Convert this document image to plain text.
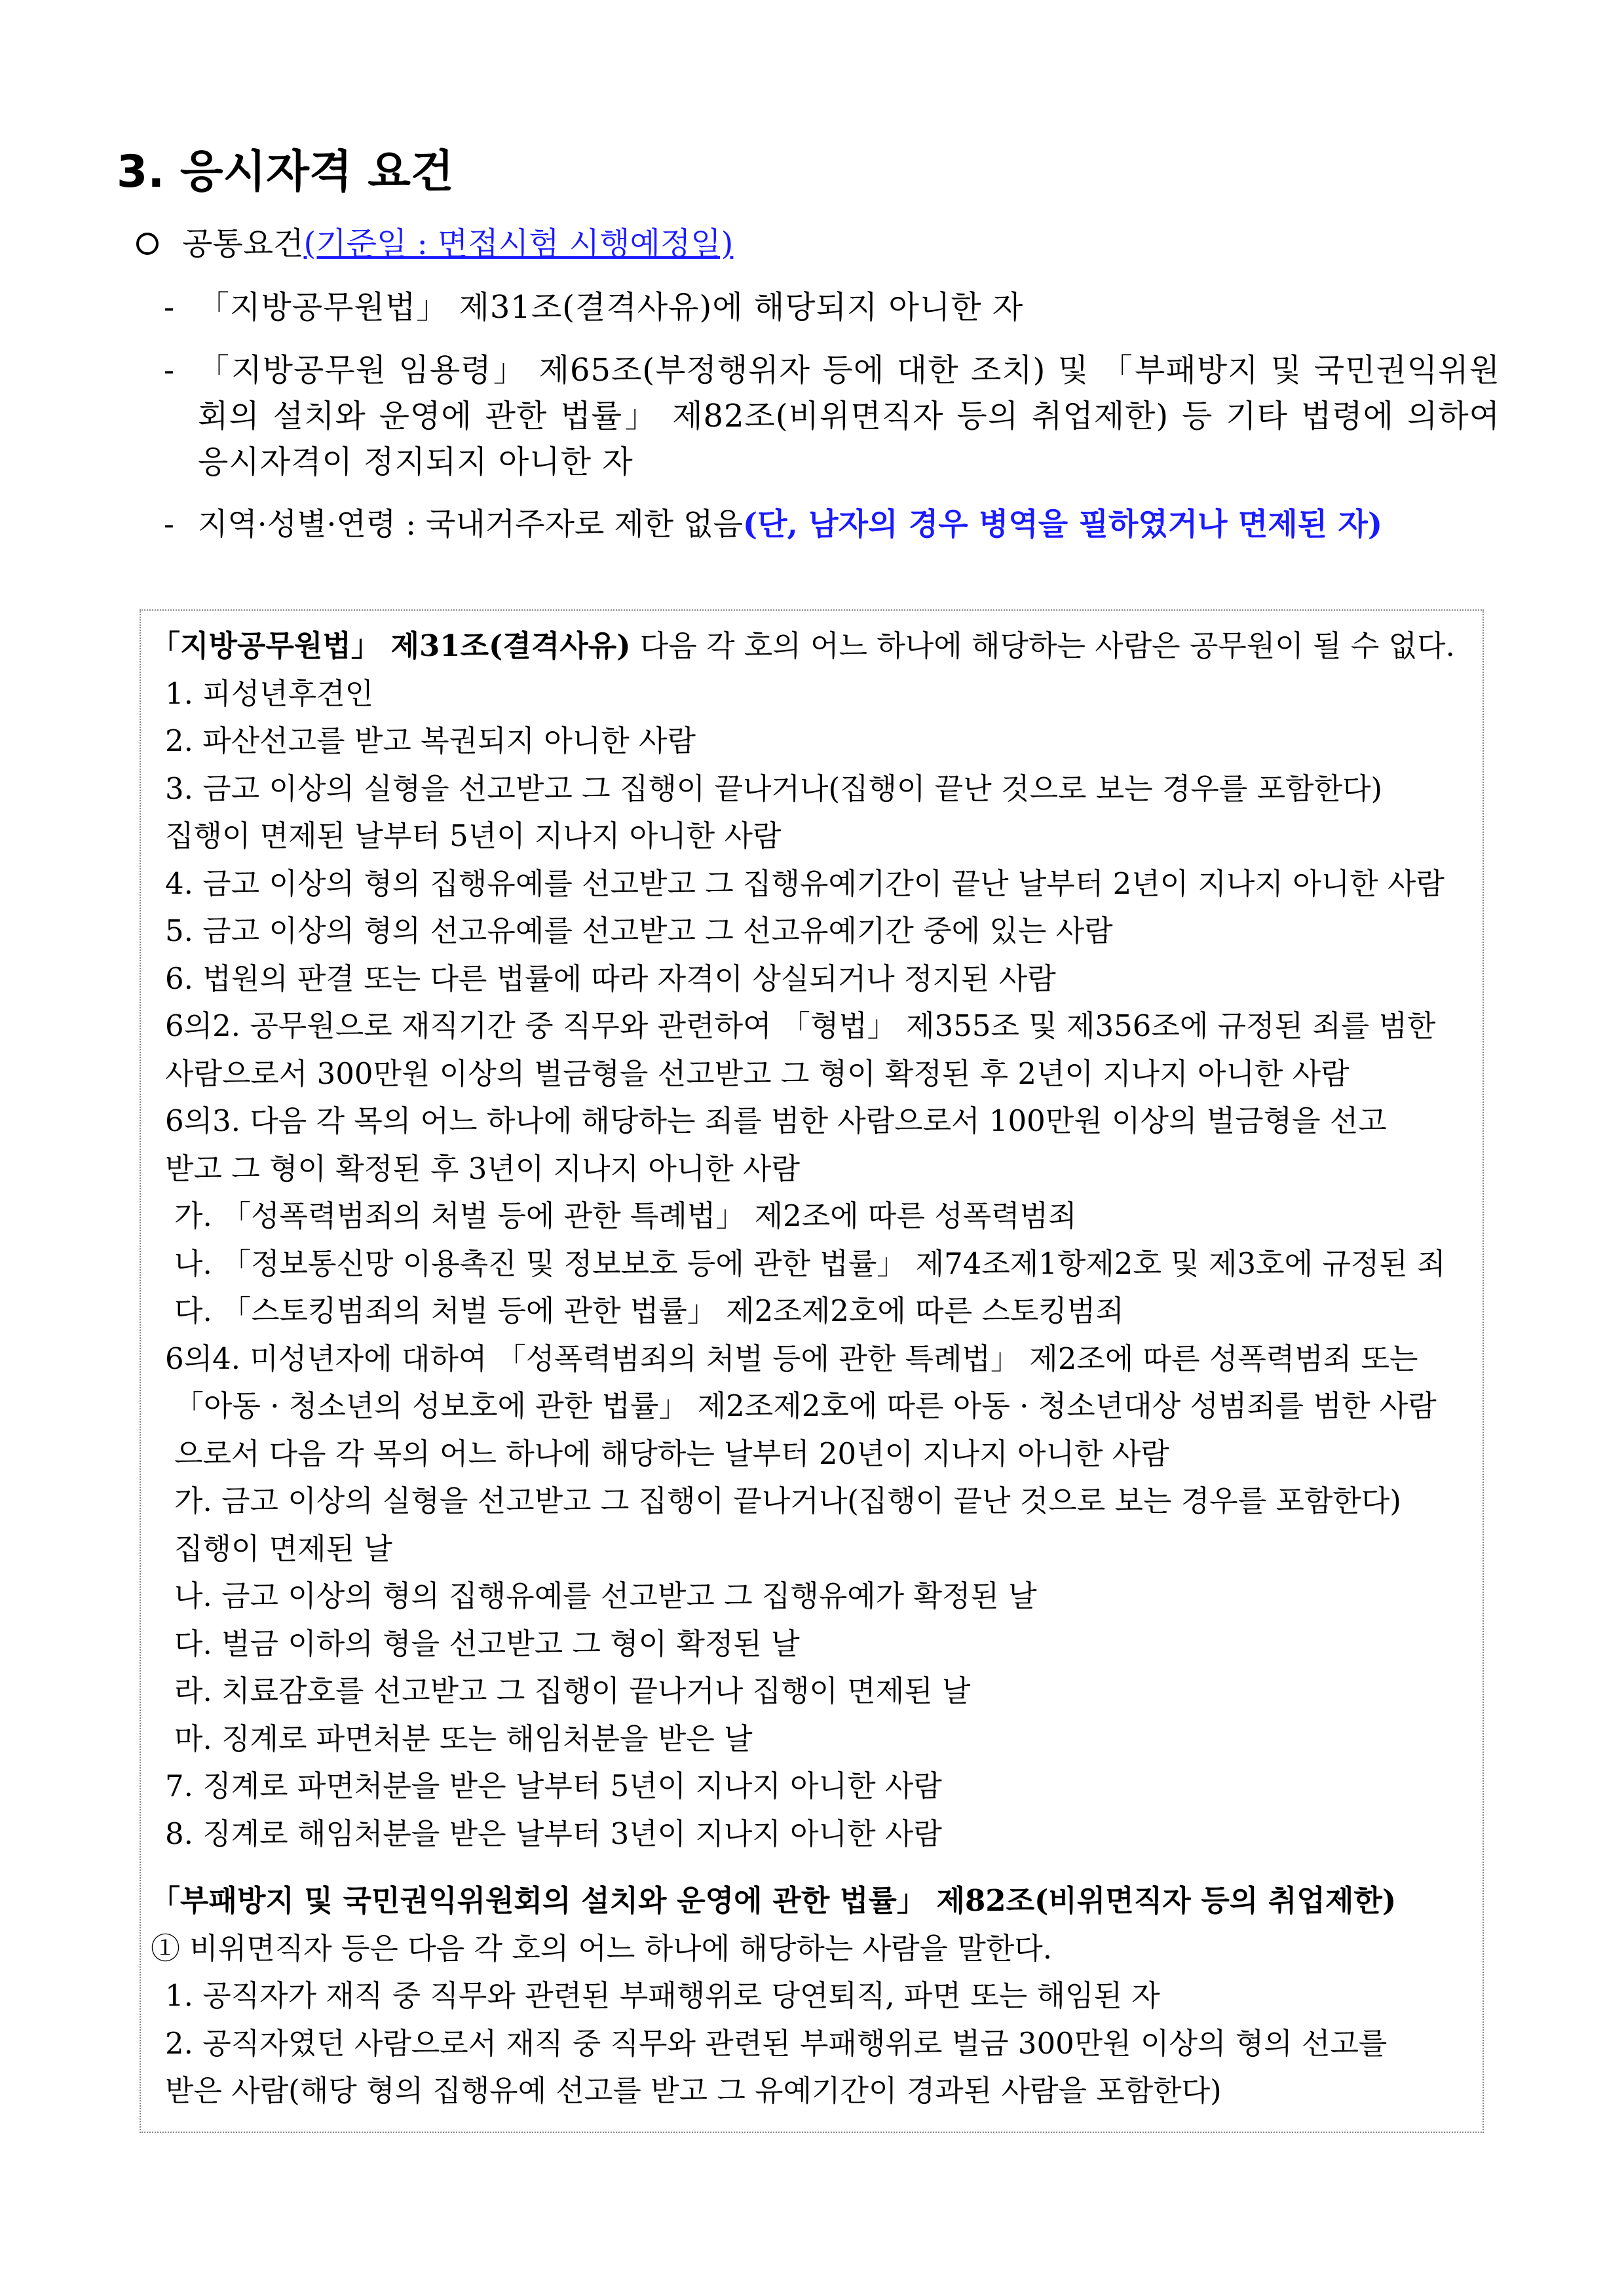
3. 응시자격 요건
공통요건(기준일 : 면접시험 시행예정일)
- 「지방공무원법」 제31조(결격사유)에 해당되지 아니한 자
- 「지방공무원 임용령」 제65조(부정행위자 등에 대한 조치) 및 「부패방지 및 국민권익위원회의 설치와 운영에 관한 법률」 제82조(비위면직자 등의 취업제한) 등 기타 법령에 의하여 응시자격이 정지되지 아니한 자
- 지역·성별·연령 : 국내거주자로 제한 없음(단, 남자의 경우 병역을 필하였거나 면제된 자)

「지방공무원법」 제31조(결격사유) 다음 각 호의 어느 하나에 해당하는 사람은 공무원이 될 수 없다.

1. 피성년후견인

2. 파산선고를 받고 복권되지 아니한 사람

3. 금고 이상의 실형을 선고받고 그 집행이 끝나거나(집행이 끝난 것으로 보는 경우를 포함한다)

집행이 면제된 날부터 5년이 지나지 아니한 사람

4. 금고 이상의 형의 집행유예를 선고받고 그 집행유예기간이 끝난 날부터 2년이 지나지 아니한 사람

5. 금고 이상의 형의 선고유예를 선고받고 그 선고유예기간 중에 있는 사람

6. 법원의 판결 또는 다른 법률에 따라 자격이 상실되거나 정지된 사람

6의2. 공무원으로 재직기간 중 직무와 관련하여 「형법」 제355조 및 제356조에 규정된 죄를 범한

사람으로서 300만원 이상의 벌금형을 선고받고 그 형이 확정된 후 2년이 지나지 아니한 사람

6의3. 다음 각 목의 어느 하나에 해당하는 죄를 범한 사람으로서 100만원 이상의 벌금형을 선고

받고 그 형이 확정된 후 3년이 지나지 아니한 사람

가. 「성폭력범죄의 처벌 등에 관한 특례법」 제2조에 따른 성폭력범죄

나. 「정보통신망 이용촉진 및 정보보호 등에 관한 법률」 제74조제1항제2호 및 제3호에 규정된 죄

다. 「스토킹범죄의 처벌 등에 관한 법률」 제2조제2호에 따른 스토킹범죄

6의4. 미성년자에 대하여 「성폭력범죄의 처벌 등에 관한 특례법」 제2조에 따른 성폭력범죄 또는

「아동 · 청소년의 성보호에 관한 법률」 제2조제2호에 따른 아동 · 청소년대상 성범죄를 범한 사람

으로서 다음 각 목의 어느 하나에 해당하는 날부터 20년이 지나지 아니한 사람

가. 금고 이상의 실형을 선고받고 그 집행이 끝나거나(집행이 끝난 것으로 보는 경우를 포함한다)

집행이 면제된 날

나. 금고 이상의 형의 집행유예를 선고받고 그 집행유예가 확정된 날

다. 벌금 이하의 형을 선고받고 그 형이 확정된 날

라. 치료감호를 선고받고 그 집행이 끝나거나 집행이 면제된 날

마. 징계로 파면처분 또는 해임처분을 받은 날

7. 징계로 파면처분을 받은 날부터 5년이 지나지 아니한 사람

8. 징계로 해임처분을 받은 날부터 3년이 지나지 아니한 사람

「부패방지 및 국민권익위원회의 설치와 운영에 관한 법률」 제82조(비위면직자 등의 취업제한)

① 비위면직자 등은 다음 각 호의 어느 하나에 해당하는 사람을 말한다.

1. 공직자가 재직 중 직무와 관련된 부패행위로 당연퇴직, 파면 또는 해임된 자

2. 공직자였던 사람으로서 재직 중 직무와 관련된 부패행위로 벌금 300만원 이상의 형의 선고를

받은 사람(해당 형의 집행유예 선고를 받고 그 유예기간이 경과된 사람을 포함한다)
